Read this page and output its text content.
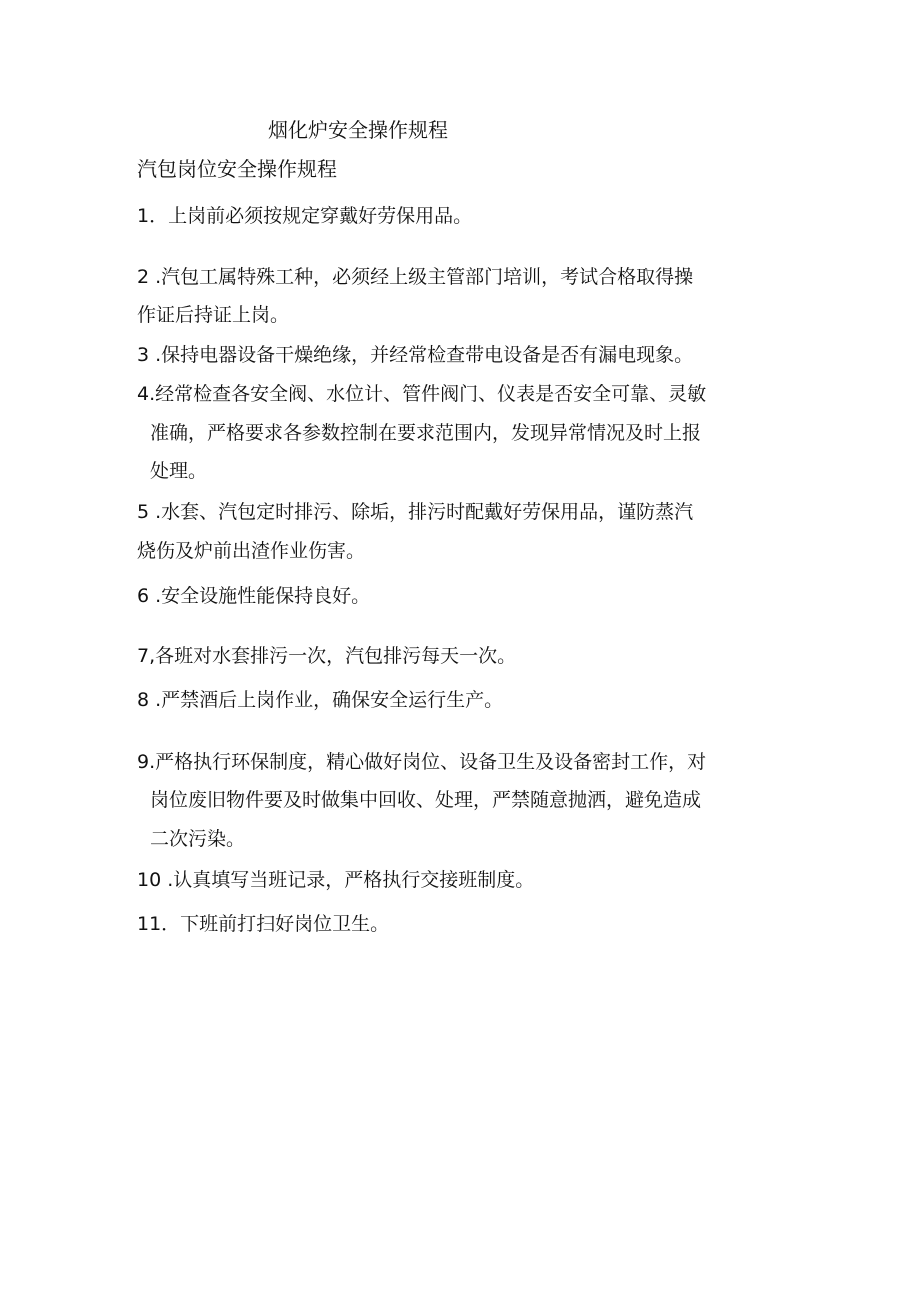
烟化炉安全操作规程
汽包岗位安全操作规程
1．上岗前必须按规定穿戴好劳保用品。
2 .汽包工属特殊工种，必须经上级主管部门培训，考试合格取得操
作证后持证上岗。
3 .保持电器设备干燥绝缘，并经常检查带电设备是否有漏电现象。
4.经常检查各安全阀、水位计、管件阀门、仪表是否安全可靠、灵敏
准确，严格要求各参数控制在要求范围内，发现异常情况及时上报
处理。
5 .水套、汽包定时排污、除垢，排污时配戴好劳保用品，谨防蒸汽
烧伤及炉前出渣作业伤害。
6 .安全设施性能保持良好。
7,各班对水套排污一次，汽包排污每天一次。
8 .严禁酒后上岗作业，确保安全运行生产。
9.严格执行环保制度，精心做好岗位、设备卫生及设备密封工作，对
岗位废旧物件要及时做集中回收、处理，严禁随意抛洒，避免造成
二次污染。
10 .认真填写当班记录，严格执行交接班制度。
11．下班前打扫好岗位卫生。
